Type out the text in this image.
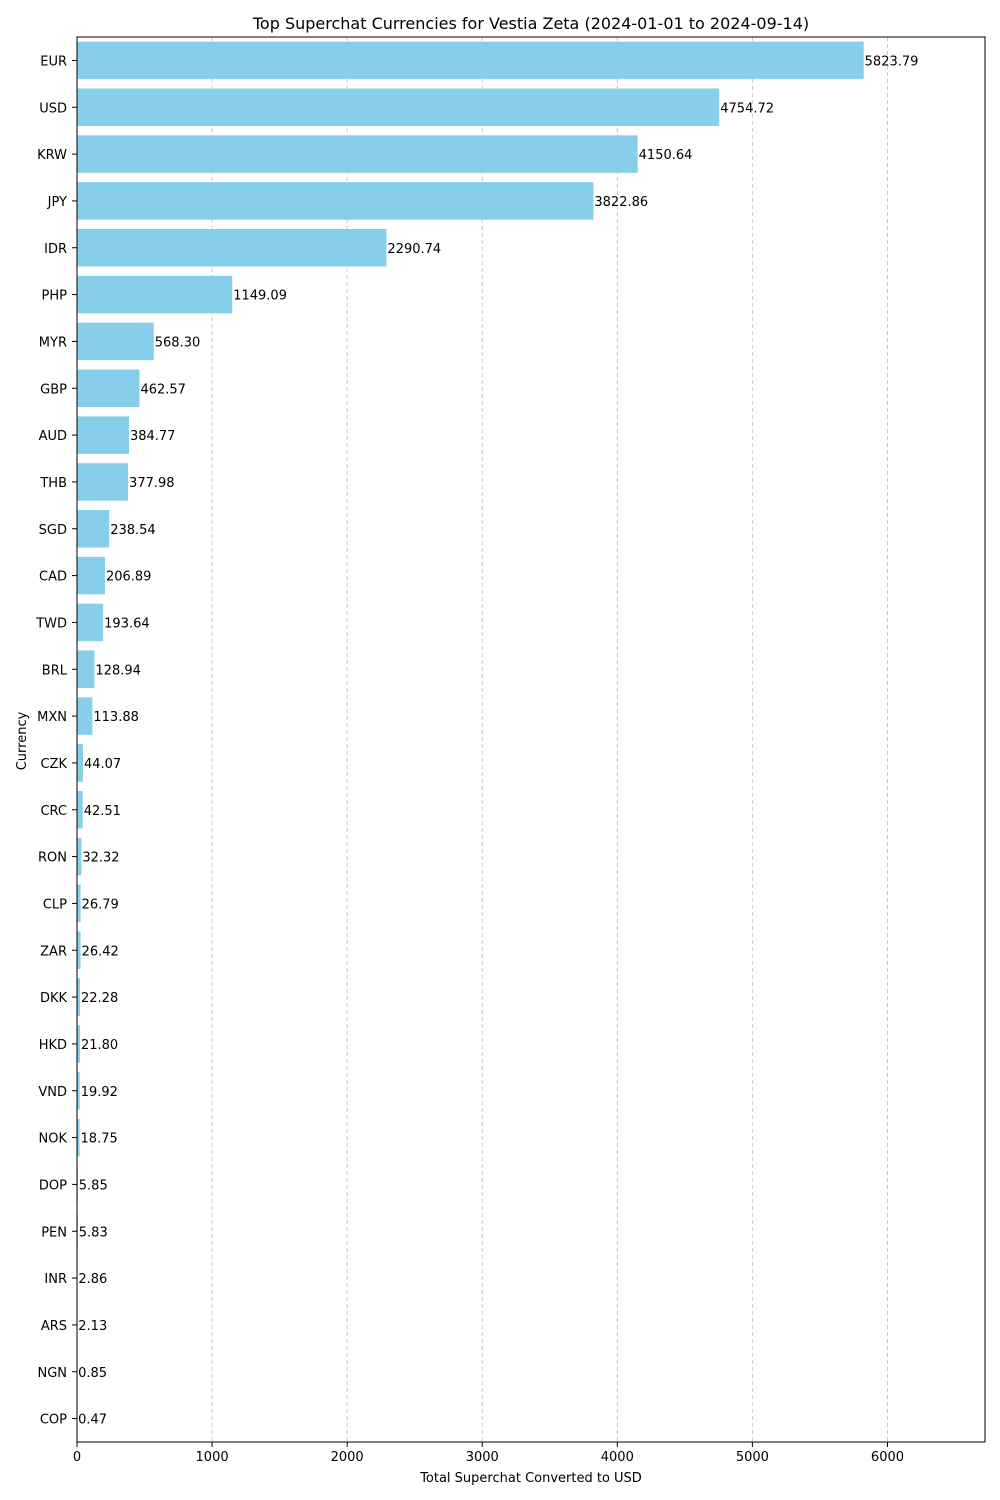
Top Superchat Currencies for Vestia Zeta (2024-01-01 to 2024-09-14)
5823.79
4754.72
4150.64
3822.86
2290.74
1149.09
568.30
462.57
384.77
377.98
238.54
206.89
193.64
128.94
113.88
44.07
42.51
32.32
26.79
26.42
22.28
21.80
19.92
18.75
5.85
5.83
2.86
2.13
0.85
0.47
EUR
USD
KRW
JPY
IDR
PHP
MYR
GBP
AUD
THB
SGD
CAD
TWD
BRL
MXN
CZK
CRC
RON
CLP
ZAR
DKK
HKD
VND
NOK
DOP
PEN
INR
ARS
NGN
COP
0	1000	2000	3000	4000	5000	6000
Total Superchat Converted to USD
Currency
